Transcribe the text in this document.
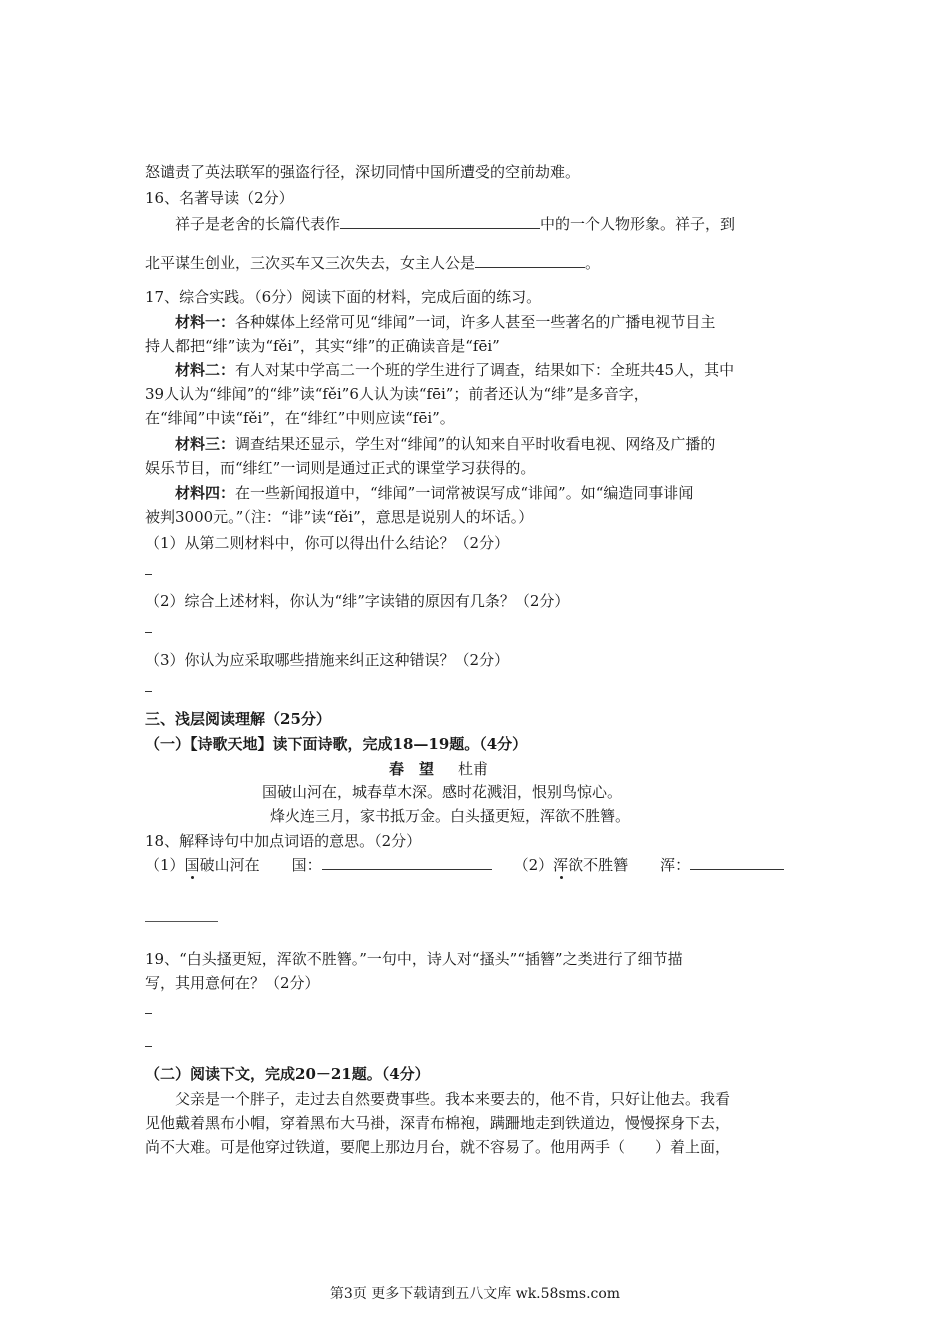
怒谴责了英法联军的强盗行径，深切同情中国所遭受的空前劫难。
16、名著导读（2分）
祥子是老舍的长篇代表作	中的一个人物形象。祥子，到
北平谋生创业，三次买车又三次失去，女主人公是	。
17、综合实践。（6分）阅读下面的材料，完成后面的练习。
材料一：各种媒体上经常可见“绯闻”一词，许多人甚至一些著名的广播电视节目主
持人都把“绯”读为“fěi”，其实“绯”的正确读音是“fēi”
材料二：有人对某中学高二一个班的学生进行了调查，结果如下：全班共45人，其中
39人认为“绯闻”的“绯”读“fěi”6人认为读“fēi”；前者还认为“绯”是多音字，
在“绯闻”中读“fěi”，在“绯红”中则应读“fēi”。
材料三：调查结果还显示，学生对“绯闻”的认知来自平时收看电视、网络及广播的
娱乐节目，而“绯红”一词则是通过正式的课堂学习获得的。
材料四：在一些新闻报道中，“绯闻”一词常被误写成“诽闻”。如“编造同事诽闻
被判3000元。”（注：“诽”读“fěi”，意思是说别人的坏话。）
（1）从第二则材料中，你可以得出什么结论？（2分）
（2）综合上述材料，你认为“绯”字读错的原因有几条？（2分）
（3）你认为应采取哪些措施来纠正这种错误？（2分）
三、浅层阅读理解（25分）
（一）【诗歌天地】读下面诗歌，完成18—19题。（4分）
春　望 杜甫
国破山河在，城春草木深。感时花溅泪，恨别鸟惊心。
烽火连三月，家书抵万金。白头搔更短，浑欲不胜簪。
18、解释诗句中加点词语的意思。（2分）
（1）国破山河在 国：	（2）浑欲不胜簪 浑：
19、“白头搔更短，浑欲不胜簪。”一句中，诗人对“搔头”“插簪”之类进行了细节描
写，其用意何在？（2分）
（二）阅读下文，完成20－21题。（4分）
父亲是一个胖子，走过去自然要费事些。我本来要去的，他不肯，只好让他去。我看
见他戴着黑布小帽，穿着黑布大马褂，深青布棉袍，蹒跚地走到铁道边，慢慢探身下去，
尚不大难。可是他穿过铁道，要爬上那边月台，就不容易了。他用两手（　　）着上面，
第3页 更多下载请到五八文库 wk.58sms.com
